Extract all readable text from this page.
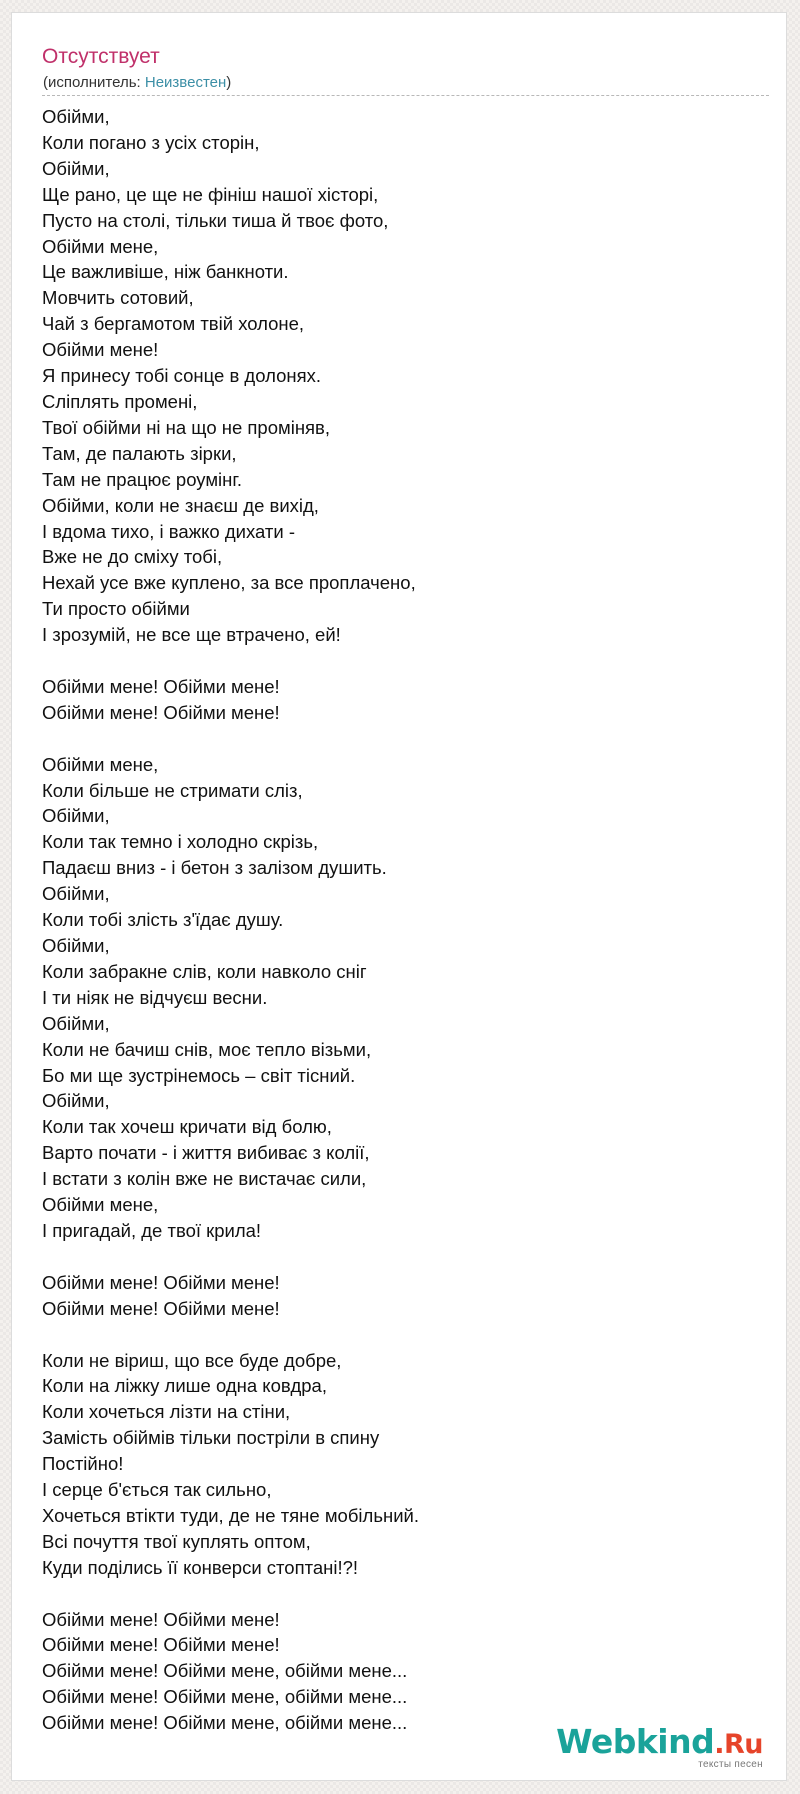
Отсутствует
(исполнитель: Неизвестен)
Обійми,
Коли погано з усіх сторін,
Обійми,
Ще рано, це ще не фініш нашої хісторі,
Пусто на столі, тільки тиша й твоє фото,
Обійми мене,
Це важливіше, ніж банкноти.
Мовчить сотовий,
Чай з бергамотом твій холоне,
Обійми мене!
Я принесу тобі сонце в долонях.
Сліплять промені,
Твої обійми ні на що не проміняв,
Там, де палають зірки,
Там не працює роумінг.
Обійми, коли не знаєш де вихід,
І вдома тихо, і важко дихати -
Вже не до сміху тобі,
Нехай усе вже куплено, за все проплачено,
Ти просто обійми
І зрозумій, не все ще втрачено, ей!

Обійми мене! Обійми мене!
Обійми мене! Обійми мене!

Обійми мене,
Коли більше не стримати сліз,
Обійми,
Коли так темно і холодно скрізь,
Падаєш вниз - і бетон з залізом душить.
Обійми,
Коли тобі злість з'їдає душу.
Обійми,
Коли забракне слів, коли навколо сніг
І ти ніяк не відчуєш весни.
Обійми,
Коли не бачиш снів, моє тепло візьми,
Бо ми ще зустрінемось – світ тісний.
Обійми,
Коли так хочеш кричати від болю,
Варто почати - і життя вибиває з колії,
І встати з колін вже не вистачає сили,
Обійми мене,
І пригадай, де твої крила!

Обійми мене! Обійми мене!
Обійми мене! Обійми мене!

Коли не віриш, що все буде добре,
Коли на ліжку лише одна ковдра,
Коли хочеться лізти на стіни,
Замість обіймів тільки постріли в спину
Постійно!
І серце б'ється так сильно,
Хочеться втікти туди, де не тяне мобільний.
Всі почуття твої куплять оптом,
Куди поділись її конверси стоптані!?!

Обійми мене! Обійми мене!
Обійми мене! Обійми мене!
Обійми мене! Обійми мене, обійми мене...
Обійми мене! Обійми мене, обійми мене...
Обійми мене! Обійми мене, обійми мене...	Webkind.Ru
тексты песен
